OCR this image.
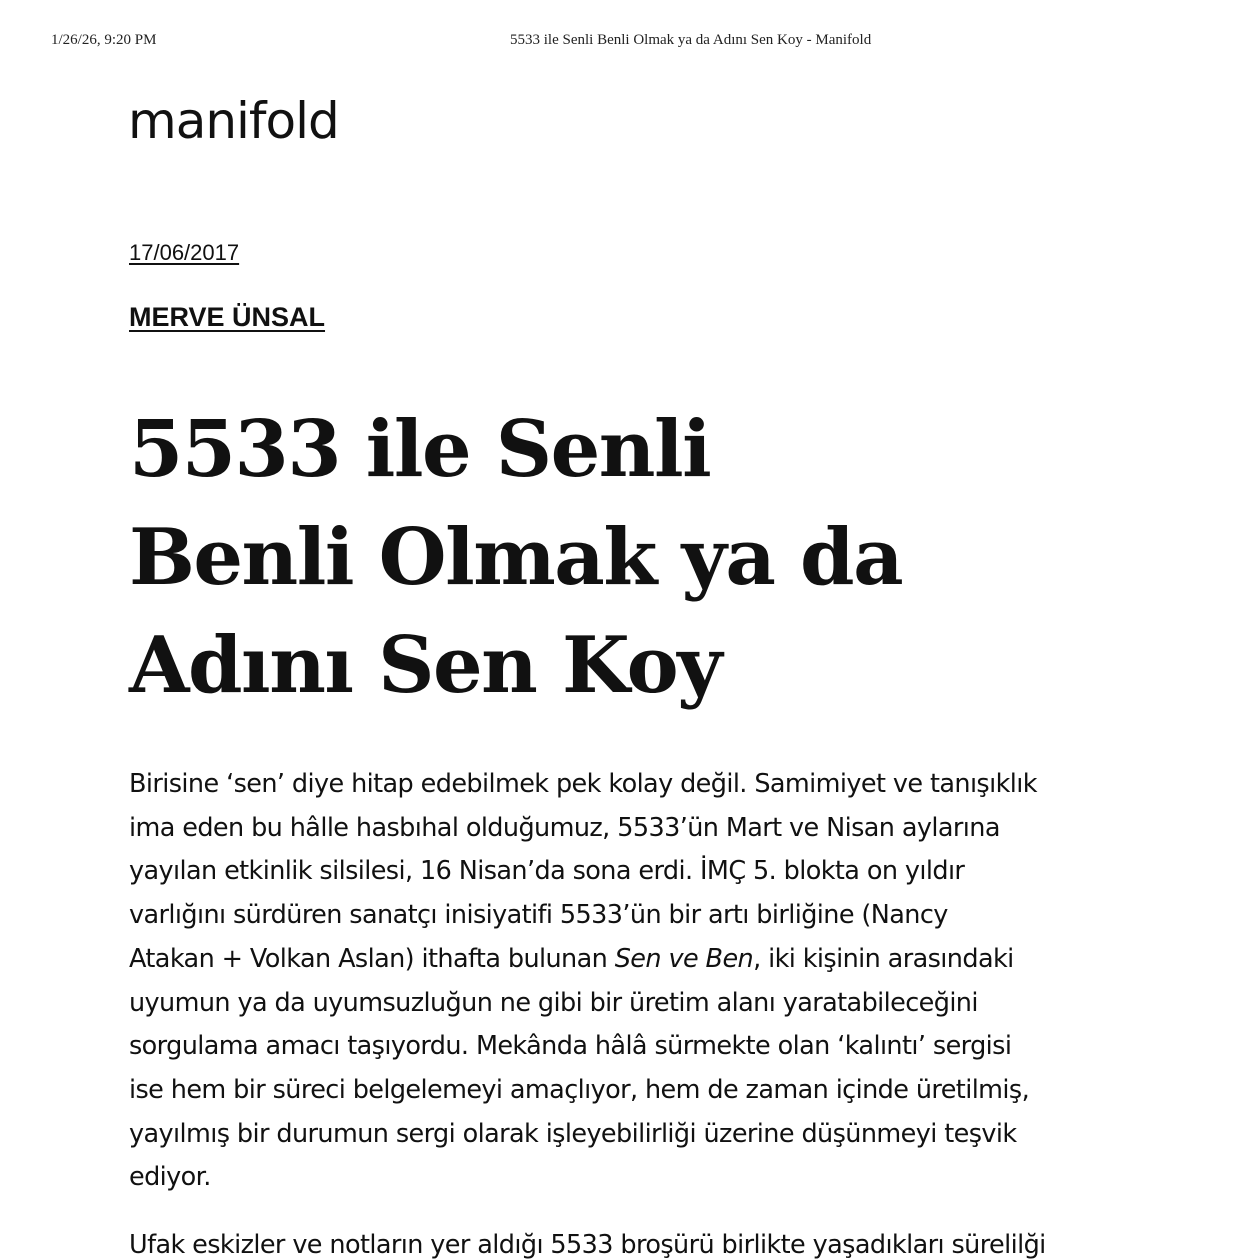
1/26/26, 9:20 PM	5533 ile Senli Benli Olmak ya da Adını Sen Koy - Manifold
manifold
17/06/2017
MERVE ÜNSAL
5533 ile Senli
Benli Olmak ya da
Adını Sen Koy
Birisine ‘sen’ diye hitap edebilmek pek kolay değil. Samimiyet ve tanışıklık
ima eden bu hâlle hasbıhal olduğumuz, 5533’ün Mart ve Nisan aylarına
yayılan etkinlik silsilesi, 16 Nisan’da sona erdi. İMÇ 5. blokta on yıldır
varlığını sürdüren sanatçı inisiyatifi 5533’ün bir artı birliğine (Nancy
Atakan + Volkan Aslan) ithafta bulunan Sen ve Ben, iki kişinin arasındaki
uyumun ya da uyumsuzluğun ne gibi bir üretim alanı yaratabileceğini
sorgulama amacı taşıyordu. Mekânda hâlâ sürmekte olan ‘kalıntı’ sergisi
ise hem bir süreci belgelemeyi amaçlıyor, hem de zaman içinde üretilmiş,
yayılmış bir durumun sergi olarak işleyebilirliği üzerine düşünmeyi teşvik
ediyor.
Ufak eskizler ve notların yer aldığı 5533 broşürü birlikte yaşadıkları sürelilği
